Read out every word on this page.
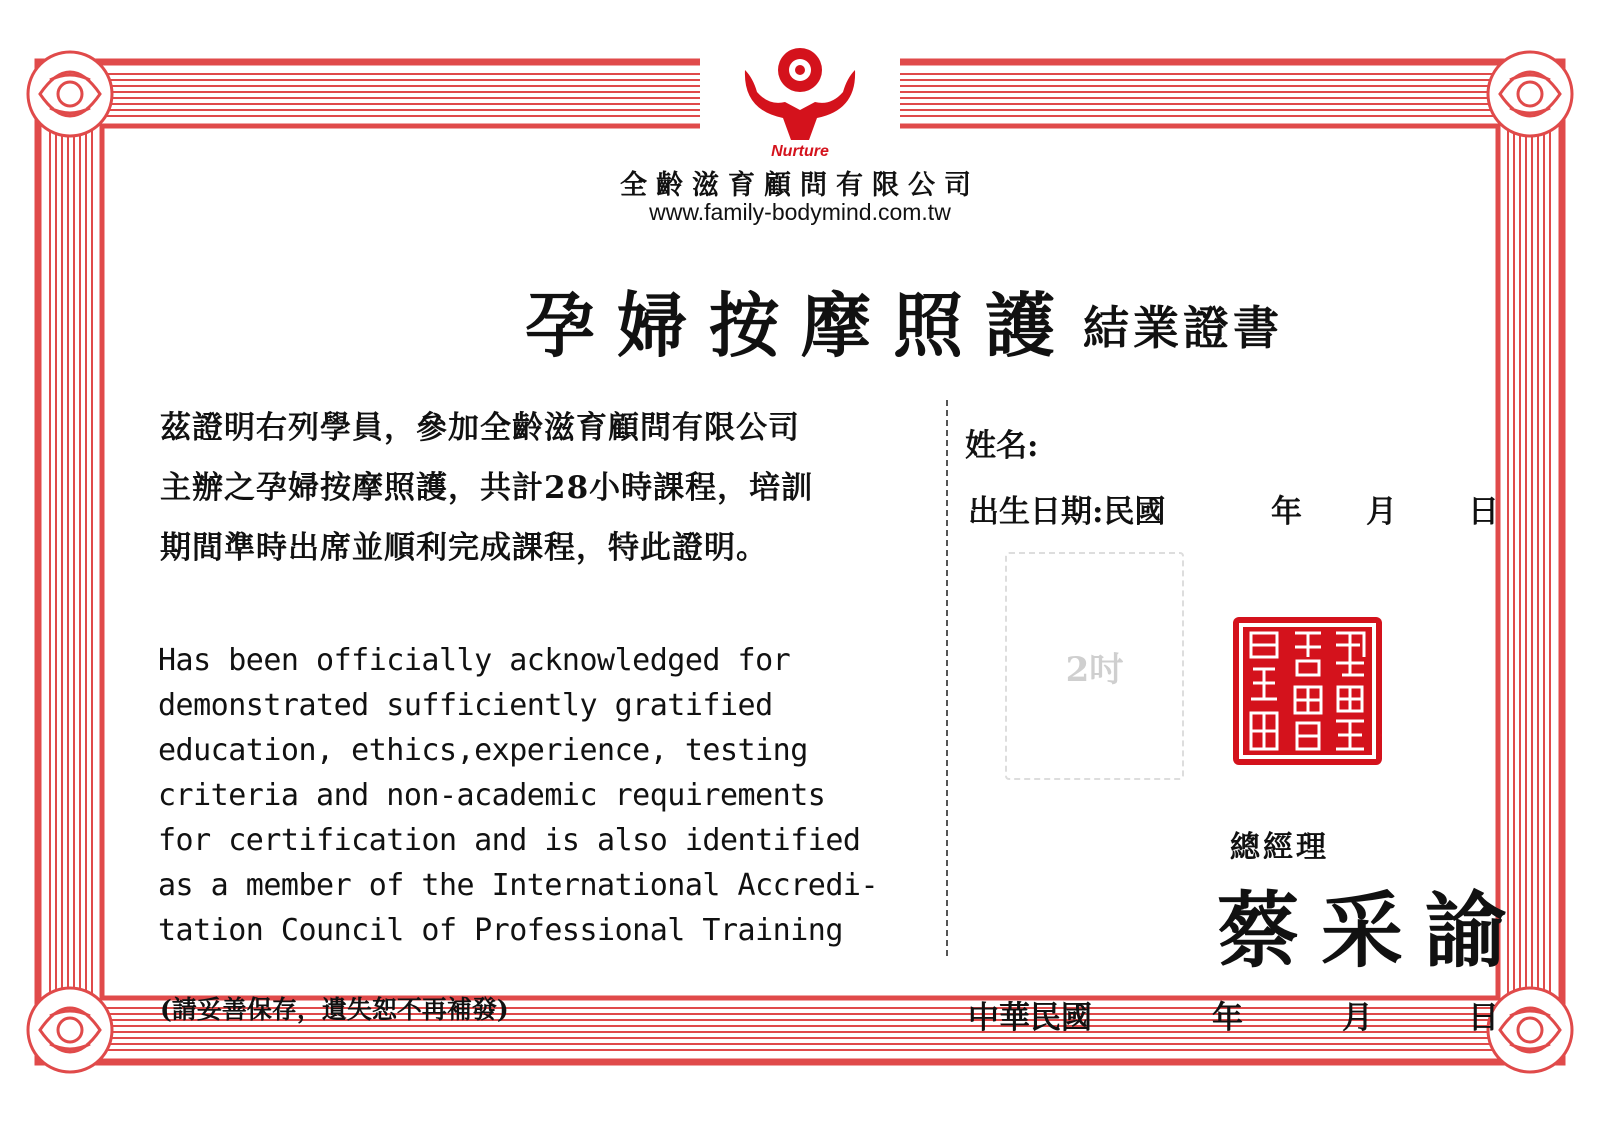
Nurture
全齡滋育顧問有限公司
www.family-bodymind.com.tw
孕婦按摩照護 結業證書
茲證明右列學員，參加全齡滋育顧問有限公司
主辦之孕婦按摩照護，共計28小時課程，培訓
期間準時出席並順利完成課程，特此證明。
Has been officially acknowledged for
demonstrated sufficiently gratified
education, ethics,experience, testing
criteria and non-academic requirements
for certification and is also identified
as a member of the International Accredi-
tation Council of Professional Training
姓名:
出生日期:民國	年 月 日
2吋
總經理
蔡采諭
(請妥善保存，遺失恕不再補發)	中華民國	年	月	日
